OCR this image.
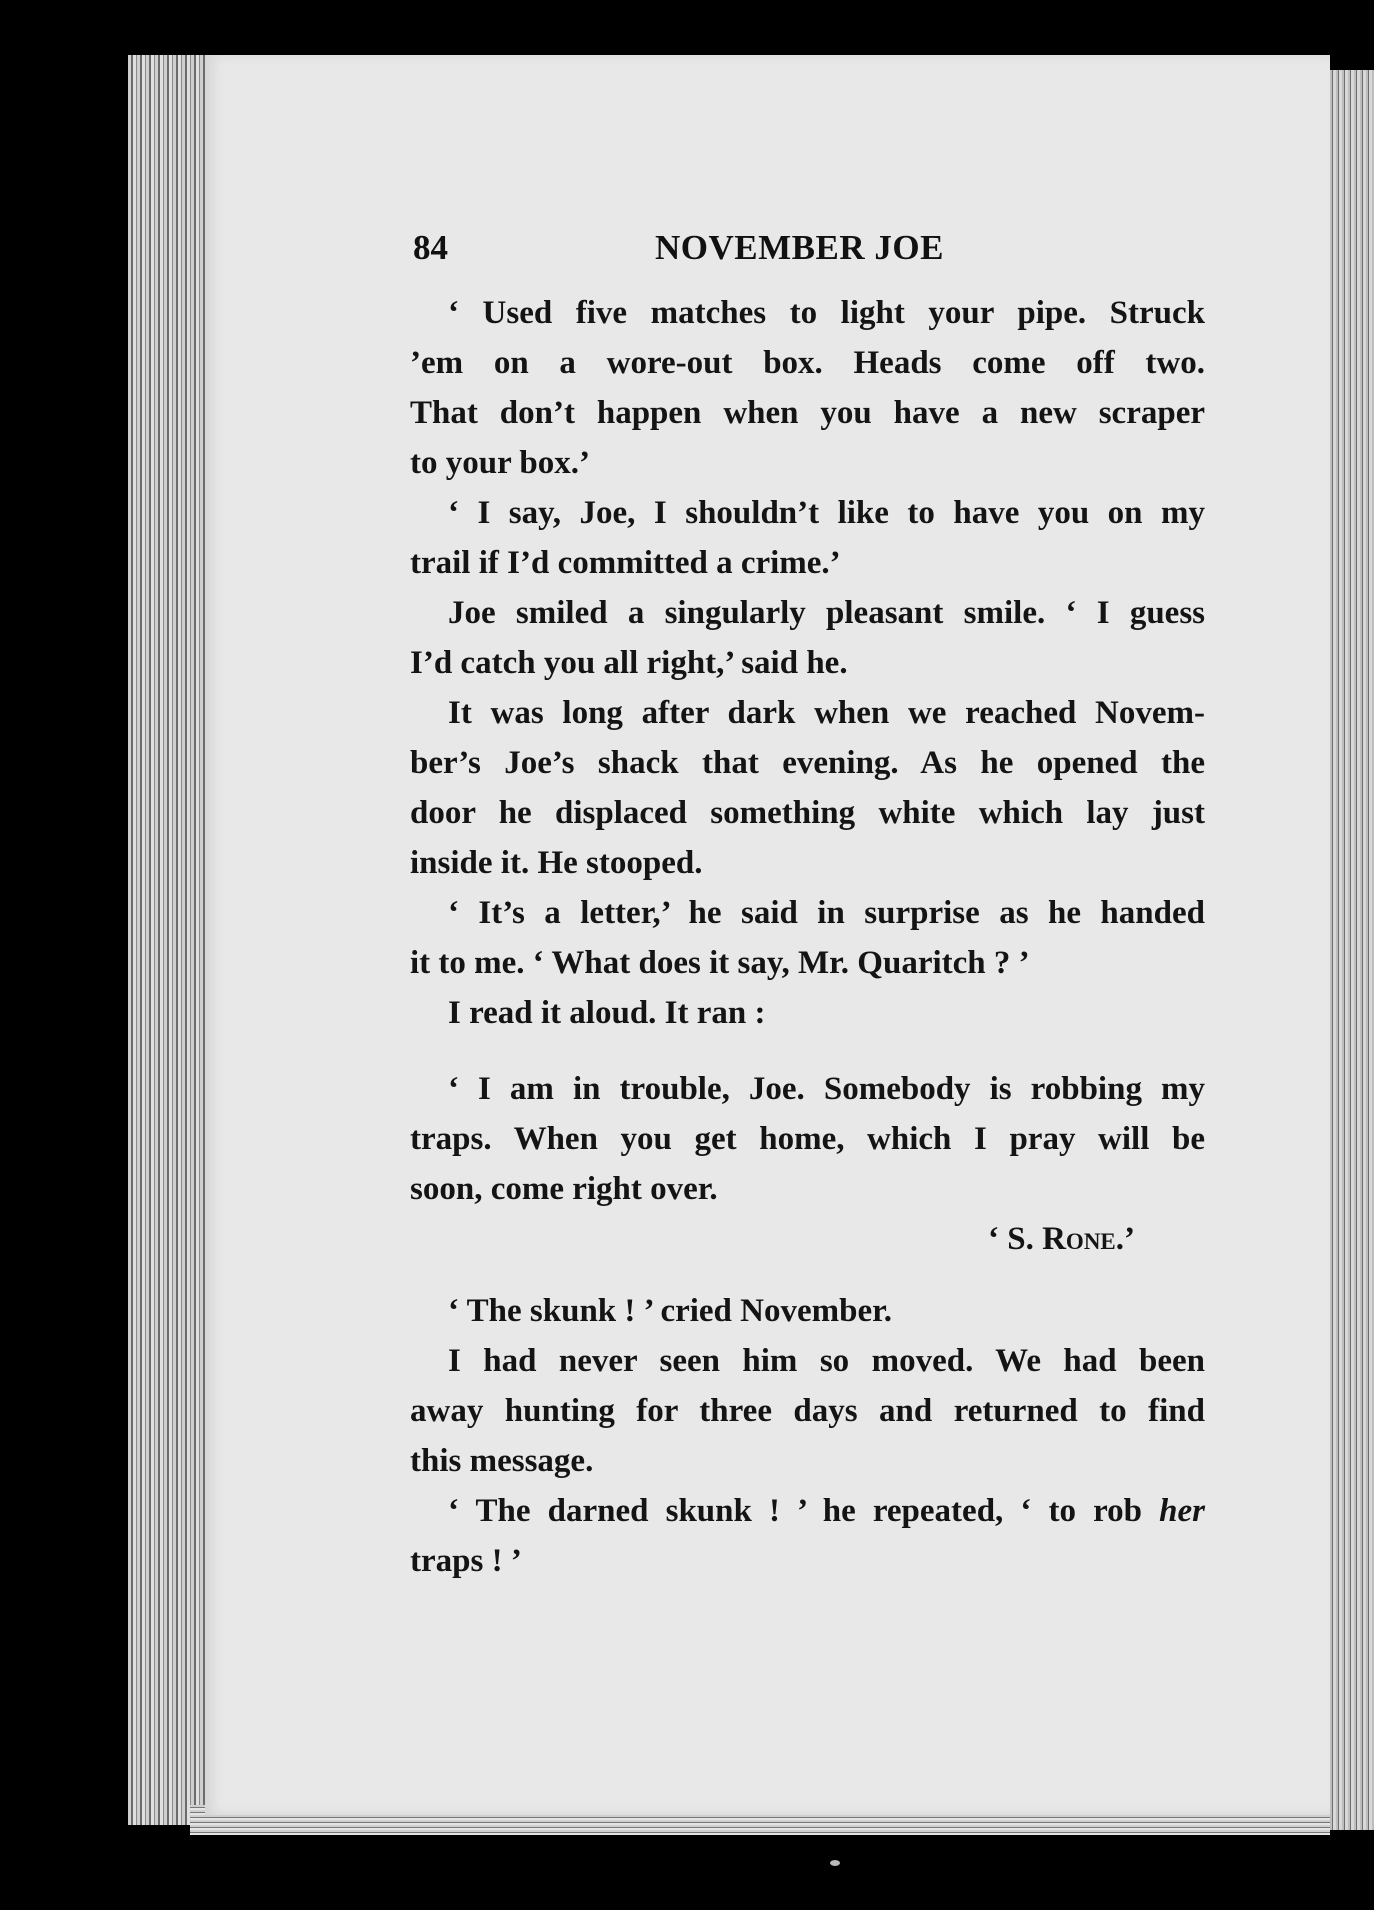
84	NOVEMBER JOE
‘ Used five matches to light your pipe. Struck
’em on a wore-out box. Heads come off two.
That don’t happen when you have a new scraper
to your box.’
‘ I say, Joe, I shouldn’t like to have you on my
trail if I’d committed a crime.’
Joe smiled a singularly pleasant smile. ‘ I guess
I’d catch you all right,’ said he.
It was long after dark when we reached Novem-
ber’s Joe’s shack that evening. As he opened the
door he displaced something white which lay just
inside it. He stooped.
‘ It’s a letter,’ he said in surprise as he handed
it to me. ‘ What does it say, Mr. Quaritch ? ’
I read it aloud. It ran :
‘ I am in trouble, Joe. Somebody is robbing my
traps. When you get home, which I pray will be
soon, come right over.
‘ S. Rone.’
‘ The skunk ! ’ cried November.
I had never seen him so moved. We had been
away hunting for three days and returned to find
this message.
‘ The darned skunk ! ’ he repeated, ‘ to rob her
traps ! ’
